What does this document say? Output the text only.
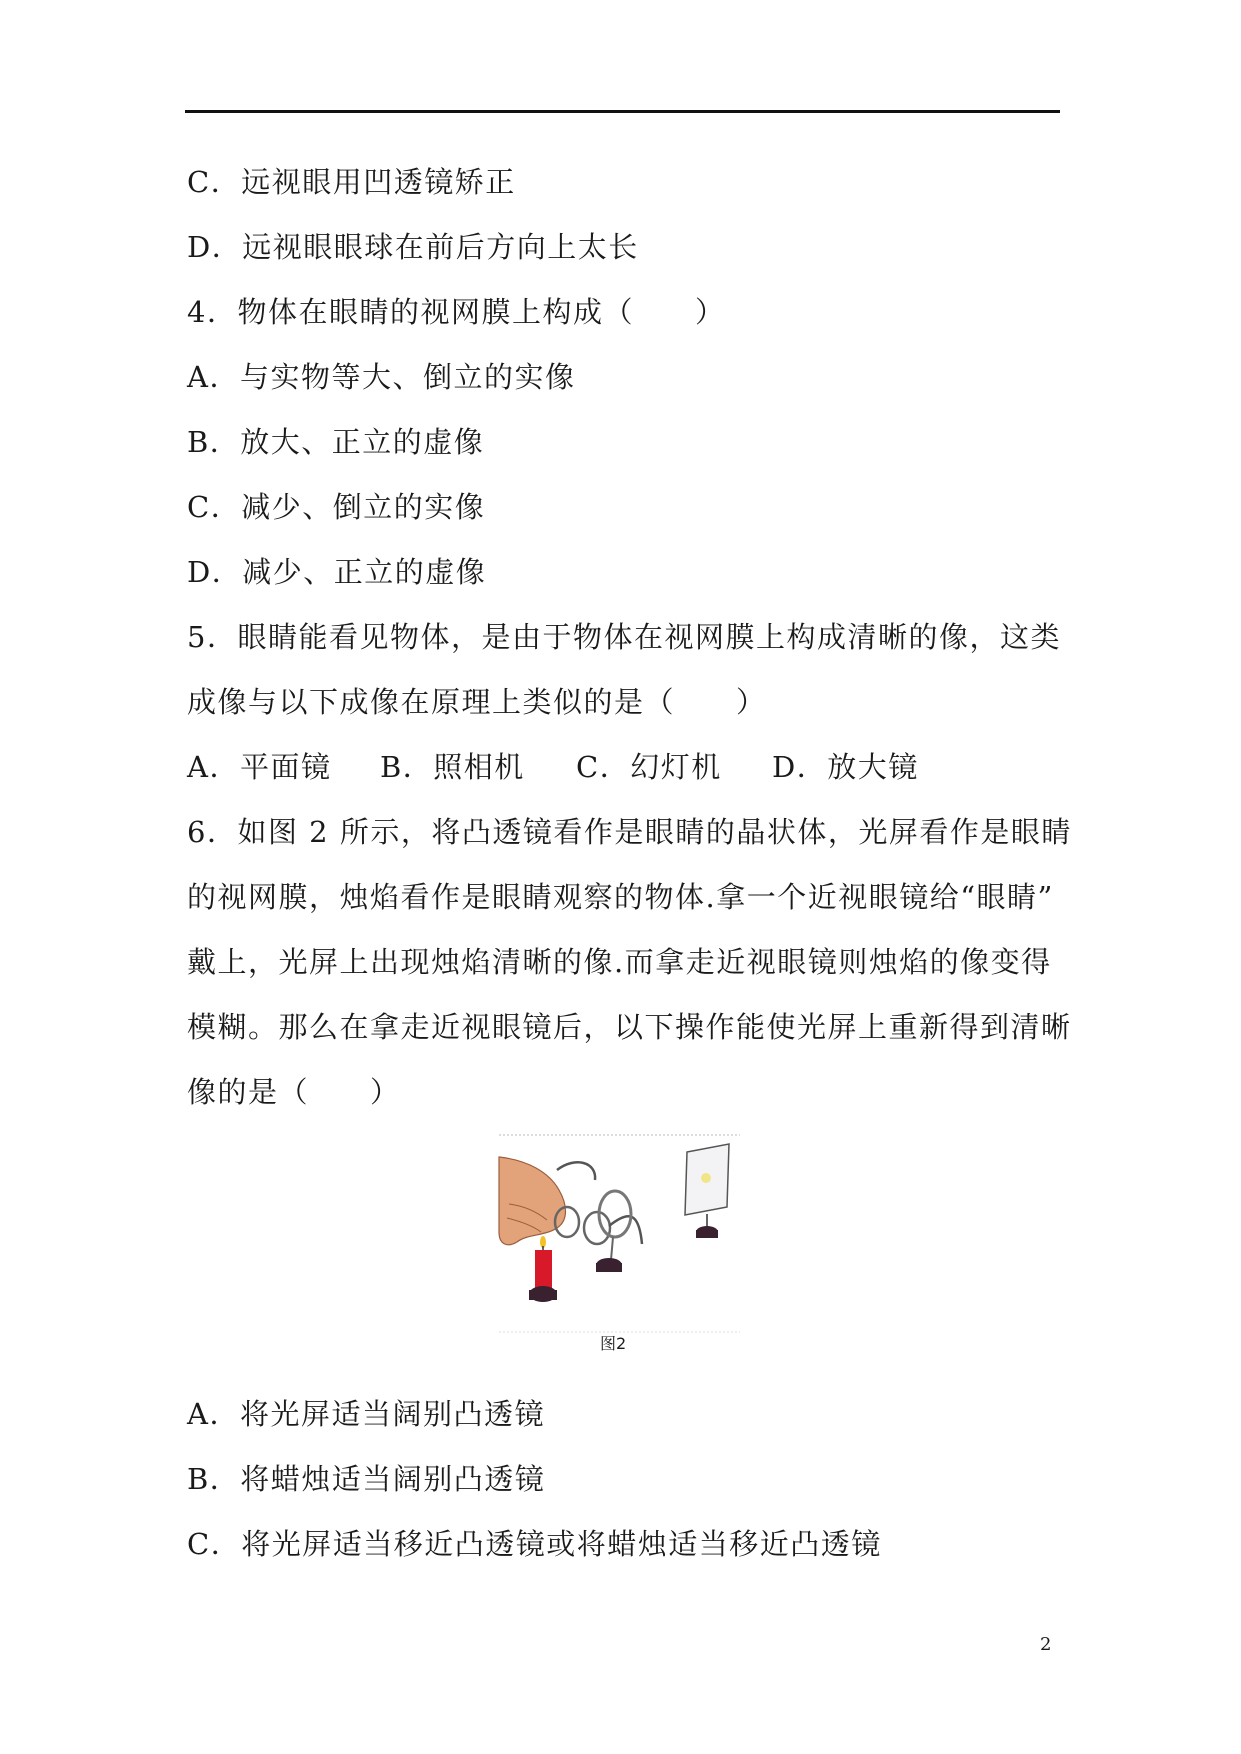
C．远视眼用凹透镜矫正
D．远视眼眼球在前后方向上太长
4．物体在眼睛的视网膜上构成（　　）
A．与实物等大、倒立的实像
B．放大、正立的虚像
C．减少、倒立的实像
D．减少、正立的虚像
5．眼睛能看见物体，是由于物体在视网膜上构成清晰的像，这类
成像与以下成像在原理上类似的是（　　）
A．平面镜 B．照相机 C．幻灯机 D．放大镜
6．如图 2 所示，将凸透镜看作是眼睛的晶状体，光屏看作是眼睛
的视网膜，烛焰看作是眼睛观察的物体.拿一个近视眼镜给“眼睛”
戴上，光屏上出现烛焰清晰的像.而拿走近视眼镜则烛焰的像变得
模糊。那么在拿走近视眼镜后，以下操作能使光屏上重新得到清晰
像的是（　　）
图2
A．将光屏适当阔别凸透镜
B．将蜡烛适当阔别凸透镜
C．将光屏适当移近凸透镜或将蜡烛适当移近凸透镜
2
